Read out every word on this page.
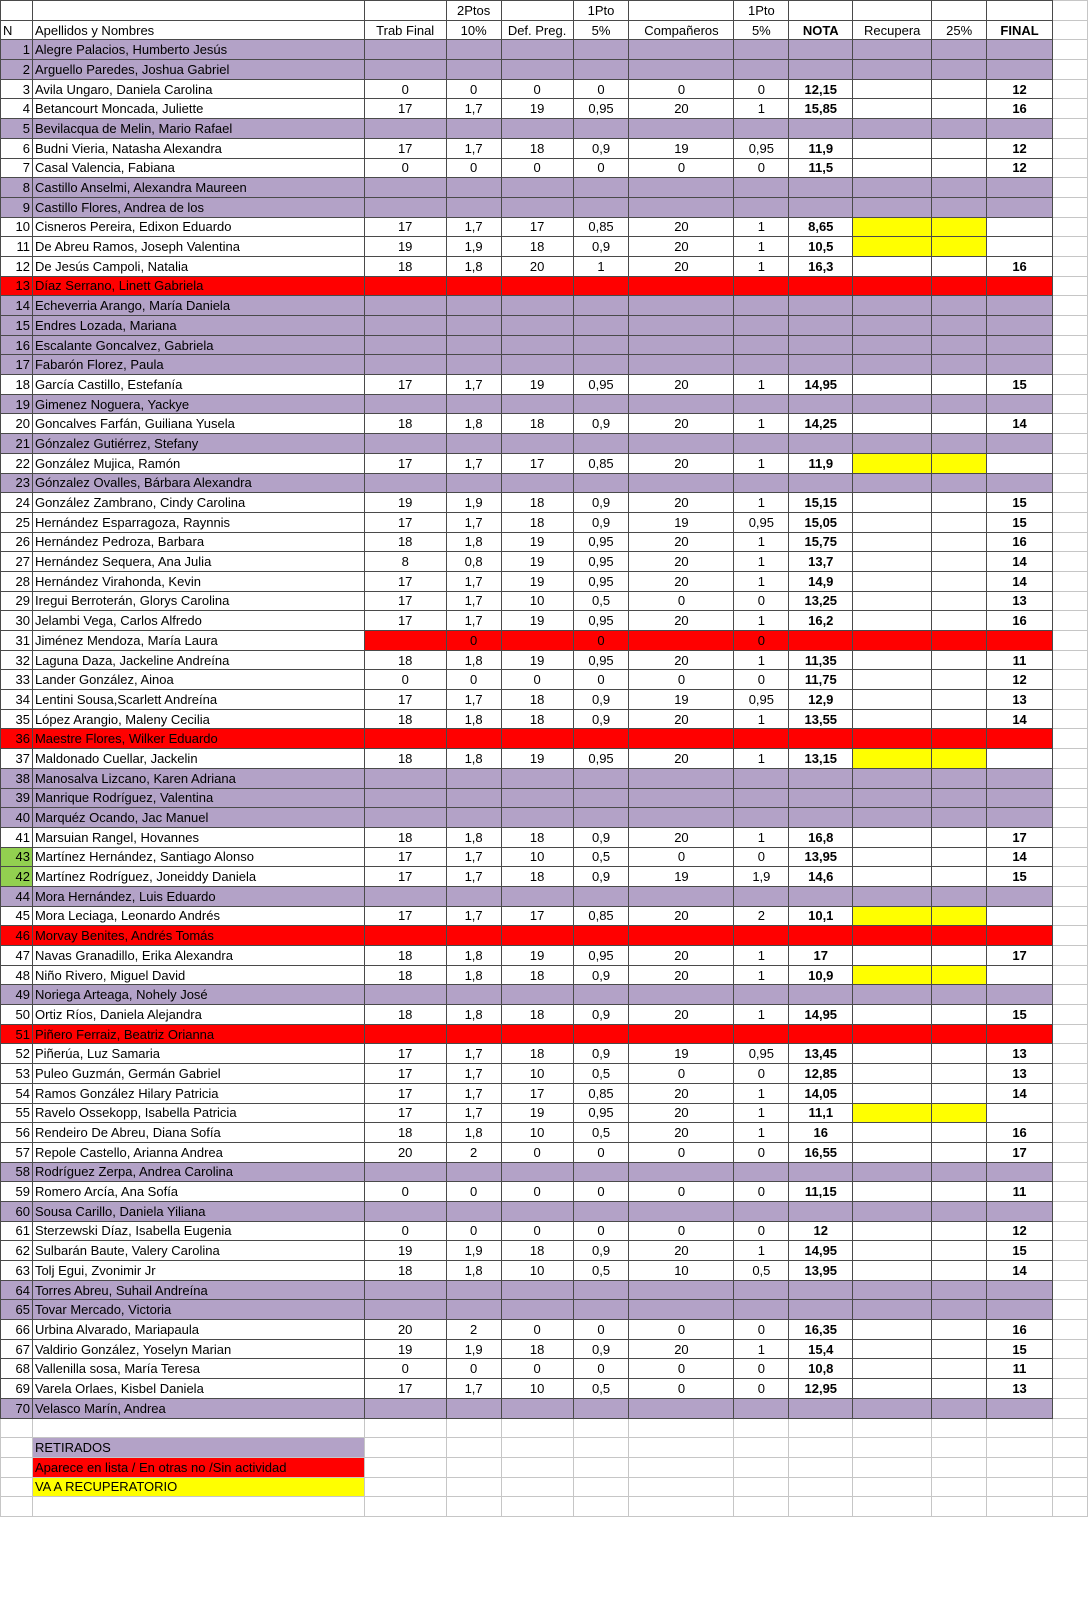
			2Ptos		1Pto		1Pto					
N	Apellidos y Nombres	Trab Final	10%	Def. Preg.	5%	Compañeros	5%	NOTA	Recupera	25%	FINAL	
1	Alegre Palacios, Humberto Jesús											
2	Arguello Paredes, Joshua Gabriel											
3	Avila Ungaro, Daniela Carolina	0	0	0	0	0	0	12,15			12	
4	Betancourt Moncada, Juliette	17	1,7	19	0,95	20	1	15,85			16	
5	Bevilacqua de Melin, Mario Rafael											
6	Budni Vieria, Natasha Alexandra	17	1,7	18	0,9	19	0,95	11,9			12	
7	Casal Valencia, Fabiana	0	0	0	0	0	0	11,5			12	
8	Castillo Anselmi, Alexandra Maureen											
9	Castillo Flores, Andrea de los											
10	Cisneros Pereira, Edixon Eduardo	17	1,7	17	0,85	20	1	8,65				
11	De Abreu Ramos, Joseph Valentina	19	1,9	18	0,9	20	1	10,5				
12	De Jesús Campoli, Natalia	18	1,8	20	1	20	1	16,3			16	
13	Díaz Serrano, Linett Gabriela											
14	Echeverria Arango, María Daniela											
15	Endres Lozada, Mariana											
16	Escalante Goncalvez, Gabriela											
17	Fabarón Florez, Paula											
18	García Castillo, Estefanía	17	1,7	19	0,95	20	1	14,95			15	
19	Gimenez Noguera, Yackye											
20	Goncalves Farfán, Guiliana Yusela	18	1,8	18	0,9	20	1	14,25			14	
21	Gónzalez Gutiérrez, Stefany											
22	González Mujica, Ramón	17	1,7	17	0,85	20	1	11,9				
23	Gónzalez Ovalles, Bárbara Alexandra											
24	González Zambrano, Cindy Carolina	19	1,9	18	0,9	20	1	15,15			15	
25	Hernández Esparragoza, Raynnis	17	1,7	18	0,9	19	0,95	15,05			15	
26	Hernández Pedroza, Barbara	18	1,8	19	0,95	20	1	15,75			16	
27	Hernández Sequera, Ana Julia	8	0,8	19	0,95	20	1	13,7			14	
28	Hernández Virahonda, Kevin	17	1,7	19	0,95	20	1	14,9			14	
29	Iregui Berroterán, Glorys Carolina	17	1,7	10	0,5	0	0	13,25			13	
30	Jelambi Vega, Carlos Alfredo	17	1,7	19	0,95	20	1	16,2			16	
31	Jiménez Mendoza, María Laura		0		0		0					
32	Laguna Daza, Jackeline Andreína	18	1,8	19	0,95	20	1	11,35			11	
33	Lander González, Ainoa	0	0	0	0	0	0	11,75			12	
34	Lentini Sousa,Scarlett Andreína	17	1,7	18	0,9	19	0,95	12,9			13	
35	López Arangio, Maleny Cecilia	18	1,8	18	0,9	20	1	13,55			14	
36	Maestre Flores, Wilker Eduardo											
37	Maldonado Cuellar, Jackelin	18	1,8	19	0,95	20	1	13,15				
38	Manosalva Lizcano, Karen Adriana											
39	Manrique Rodríguez, Valentina											
40	Marquéz Ocando, Jac Manuel											
41	Marsuian Rangel, Hovannes	18	1,8	18	0,9	20	1	16,8			17	
43	Martínez Hernández, Santiago Alonso	17	1,7	10	0,5	0	0	13,95			14	
42	Martínez Rodríguez, Joneiddy Daniela	17	1,7	18	0,9	19	1,9	14,6			15	
44	Mora Hernández, Luis Eduardo											
45	Mora Leciaga, Leonardo Andrés	17	1,7	17	0,85	20	2	10,1				
46	Morvay Benites, Andrés Tomás											
47	Navas Granadillo, Erika Alexandra	18	1,8	19	0,95	20	1	17			17	
48	Niño Rivero, Miguel David	18	1,8	18	0,9	20	1	10,9				
49	Noriega Arteaga, Nohely José											
50	Ortiz Ríos, Daniela Alejandra	18	1,8	18	0,9	20	1	14,95			15	
51	Piñero Ferraiz, Beatriz Orianna											
52	Piñerúa, Luz Samaria	17	1,7	18	0,9	19	0,95	13,45			13	
53	Puleo Guzmán, Germán Gabriel	17	1,7	10	0,5	0	0	12,85			13	
54	Ramos González Hilary Patricia	17	1,7	17	0,85	20	1	14,05			14	
55	Ravelo Ossekopp, Isabella Patricia	17	1,7	19	0,95	20	1	11,1				
56	Rendeiro De Abreu, Diana Sofía	18	1,8	10	0,5	20	1	16			16	
57	Repole Castello, Arianna Andrea	20	2	0	0	0	0	16,55			17	
58	Rodríguez Zerpa, Andrea Carolina											
59	Romero Arcía, Ana Sofía	0	0	0	0	0	0	11,15			11	
60	Sousa Carillo, Daniela Yiliana											
61	Sterzewski Díaz, Isabella Eugenia	0	0	0	0	0	0	12			12	
62	Sulbarán Baute, Valery Carolina	19	1,9	18	0,9	20	1	14,95			15	
63	Tolj Egui, Zvonimir Jr	18	1,8	10	0,5	10	0,5	13,95			14	
64	Torres Abreu, Suhail Andreína											
65	Tovar Mercado, Victoria											
66	Urbina Alvarado, Mariapaula	20	2	0	0	0	0	16,35			16	
67	Valdirio González, Yoselyn Marian	19	1,9	18	0,9	20	1	15,4			15	
68	Vallenilla sosa, María Teresa	0	0	0	0	0	0	10,8			11	
69	Varela Orlaes, Kisbel Daniela	17	1,7	10	0,5	0	0	12,95			13	
70	Velasco Marín, Andrea											

	RETIRADOS											
	Aparece en lista / En otras no /Sin actividad											
	VA A RECUPERATORIO											
